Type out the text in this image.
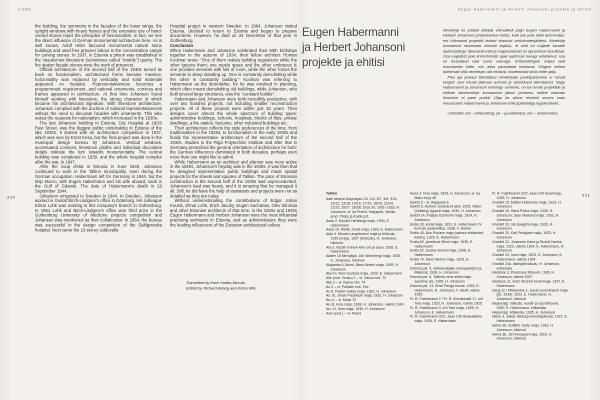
LISAD

the building, the symmetry in the facades of the lower wings, the upright windows with heavy frames and the extensive use of hand-carved stones reject the principles of functionalism. In fact, we see the direct influence of German monumental architecture here. As is well known, Adolf Hitler favoured monumental natural stone buildings and used free prisoner labour in the concentration camps for carving stones. In 1937, in Estonia a prison was established in the Vasalemma limestone (sometimes called "marble") quarry. The fire station facade stones were the work of prisoners.

Official architecture of the second half of the 1930s turned its back on functionalism, architectural forms became massive, horizontality was replaced by verticality and solid materials appeared on facades. Representativeness becomes a programmatic requirement, and national ornaments, cornices and frames appeared in architecture. At that time Johanson found himself working with limestone, the strong character of which became his architectural signature. With limestone architecture, Johanson complied with the doctrine of national representativeness without the need to decorate facades with ornaments. This also suited the requests for nationalism, which increased in the 1930s.

The last Johanson building in Estonia, City Hospital at 18/20 Ravi Street, was the biggest public undertaking in Estonia of the late 1930s. It started with an architecture competition in 1937, which was won by Ernst Kesa, but the final project was done in the municipal design bureau by Johanson. Vertical windows, accentuated cornices, limestone plinths and individual decorative details indicate the turn towards monumentality. The central building was completed in 1939, and the whole hospital complex after the war, in 1947.

After the coup d'etat in Estonia in June 1940, Johanson continued to work in the Tallinn municipality, even during the German occupation. Habermann left for Germany in 1944, but the ship Moero, with Eugen Habermann and his wife aboard, sank in the Gulf of Gdansk. The date of Habermann's death is 22 September 1944.

Johanson emigrated to Sweden in 1944. In Sweden, Johanson worked in Gustaf Birch-Lindgren's office in Göteborg. His colleague Elmar Lohk was working in this company's branch in Gothenburg. In 1951 Lohk and Birch-Lindgren's office won third prize in the Gothenburg University of Medicine projects competition and Johanson was mentioned as their collaborator. In 1954, the bureau was successful in the design competition of the Sahlgrenska hospital. Next came the 15-storey Uddevalla

Hospital project in western Sweden. In 1964, Johanson visited Estonia, decided to return to Estonia and began to prepare documents. However, he died on 24 November of that year in Gothenburg.

Conclusion

When Habermann and Johanson celebrated their 50th birthdays together in the autumn of 1934, their fellow architect Roman Koolmar wrote: "One of them makes building regulations while the other ignores them; one repels space and the other embraces it; one provides servants with lots of room, while the other forces the servants to sleep standing up. One is constantly demolishing while the other is constantly building." Koolmar was referring to Habermann as the demolisher, for he was involved in planning, which often meant demolishing old buildings, while Johanson, who built several large structures, was the "constant builder".

Habermann and Johanson were both incredibly productive, with over two hundred projects, not including smaller reconstruction projects. All of these projects were within just 20 years. Their designs cover almost the whole spectrum of building types: administrative buildings, schools, hospitals, blocks of flats, private dwellings, a fire station, factories, other industrial buildings etc.

Their architecture reflects the style preferences of the time, from traditionalism in the 1920s, to functionalism in the early 1930s and finally the representative architecture of the second half of the 1930s. Studies in the Riga Polytechnic Institute and after that in Germany prescribed the general orientation of architecture for both: the German influences dominated in both decades, perhaps even more than one might like to admit.

While Habermann as an architect and planner was more active in the 1920s, Johanson's heyday was in the 1930s. It was then that he designed representative public buildings and made spatial projects for the streets and squares of Tallinn. The pace of Estonian construction in the second half of the 1930s was unprecedented. Johanson's load was heavy, and it is amazing that he managed it all. Still, he did have the help of assistants and projects were not as detailed as they are today.

Without underestimating the contributions of Edgar Johan Kuusik, Elmar Lohk, Erich Jacoby, Eugen Sacharias, Olev Siinmaa and other Estonian architects of that time, in the 1920s and 1930s Eugen Habermann and Herbert Johanson were the most influential practising architects in Estonia, and as administrators they were the leading influencers of the Estonian architectural culture.

330

Translated by Karin Hallas-Murula

Edited by Richard Adang and Krista Mits

Eugen Habermanni ja Herbert Johansoni projekte ja ehitisi
Eugen Habermanni
ja Herbert Johansoni
projekte ja ehitisi

Nimekirja on püütud lülitada võimalikult palju Eugen Habermanni ja Herbert Johansoni projekteeritud ehitisi, kuid see pole siiski ammendav; ent hõlmavad projektid leidsid kinnitust arhiivimaterjalidest. Nimekirja koostamist raskendas oluliselt asjaolu, et seal on majade vanade aadressidega: tänavanimesid ja majanumbreid on aja jooksul muudetud. Osa majadest pole krohvitornide ajale aadresse kunagi vahetanud, osa on tuvastatud vaid suure vaevaga. Ehitusühingute majad said eraomanike kätte, mis aitas parandada loetavust. Kõigest sellest tulenevalt võib nimekirjas olla eksitusi, loodetavasti siiski mitte palju.

Pika aja jooksul täiendatud nimekirjade punktipanemine ei tulnud kergelt, sest nõuab jätkuvat uurimist ja vahelduvat täiendamist. Nagu Habermanni ja Johansoni loomingu uurimine, on ka nende projektide ja ehitiste täisnimekirja koostamine jätkuv protsess, millele raamatu ilmumine ei pane punkti. Olgu ka siinne nimekiri suures osas innustuseks Habermanni ja Johansoni ehituspärandiga tegelemiseks.

Lühendid: e/ü – ehitusühing; j/e – juurdeehitus; ü/e – ümberehitus

Tallinn

Aate tänava tüüpmajad 1/3, 2/4, 5/7, 4/6, 9/11, 10/12, 13/15, 14/16, 17/19, 18/20, 22/24, 21/23, 25/27, 26/28, 29 ja 30, 1931–1933, H. Johanson, vt. ka Preesi, Harjapea, Vaniku (end. Pärja) ja Kolde pst.

Aasa 2, Eduard Hemburgi maja, 1930, E. Habermann

Aasa 10, Madis Joutsi maja, 1929, E. Habermann

Ahju 4, Nikolai Langebrauni maja ja töökoda, 1925 (maja), 1927 (töökoda), H. Johanson, hävinud

Aia 3, Vassili Voinovi kino o/ü ja saun, 1926, E. Habermann

Aiatee 16 Meriväljal, Jüri Silberbergi maja, 1930, H. Johanson, hävinud

Alajaama 6 Järvel, Mare Aimeni maja, 1929, H. Johanson

Alevi 9, Rein Uustove maja, 1929, E. Habermann

Alle (end. Vooku) 1 – vt. Narva mnt. 72

Alle 3 – vt. Narva mnt. 74

Ao 2 – vt. Paldiski mnt. 19a

Ao 5, Peeter Saksa maja, 1932, H. Johanson

Ao 10, Johan Freybachi maja, 1932, H. Johanson

Aru 4 – vt. Maisi 13

Aru 8, Inna maja, 1938, H. Johanson, valmis 1940

Aru 11, Inna maja, 1939, H. Johanson

Auni (end.) – vt. Mooni

Auna 3, Inna maja, 1929, H. Johanson, vt. ka Maisi 4a ja 4b

Elektri 2 – vt. Alajaama 6

Elektri 6, Herbert Johansoni alev, 1925; Villem (Vulberg) Ugandi maja, 1930, H. Johanson

Elektri 14, Kristjan Eichhorni maja, 1924, H. Johanson

Endla 33, kortermaja, 1931, E. Habermann; IV korruse pealeehitus, 1938, V. Herkel

Endla 45, Ado Purtase maja (varises ehitamisel kokku), 1929, E. Habermann

Endla 60, perekond Minni maja, 1936, E. Habermann

Endla 62, Gustav Estoni maja, 1936, E. Habermann

Endla 70, Hans Menno maja, 1925, H. Johanson

Estonia pst. 4, näituseväljaku metsapaviljon ja lillekiosk, 1936, H. Johanson

Estonia pst. 6, Tallinna vene seltsi maja asemine ü/e, 1925, H. Johanson

Estonia pst. 13, Eesti Panga hoone, 1933, E. Habermann, H. Johanson, F. Adoff, valmis 1935

Fr. R. Faehlmanni 2 / Fr. R. Kreutzwaldi 17, e/ü Tare maja, 1923, H. Johanson, valmis 1925

Fr. R. Faehlmanni 4, e/ü Tare maja, 1926, H. Johanson, E. Habermann

Fr. R. Faehlmanni 32/1, Jaan Orti tänavaäärne maja, 1926, E. Habermann

Fr. R. Faehlmanni 32/2, Jaan Orti hoovimaja, 1925, H. Johanson

Graniidi 15, Mihkel Hobenoku maja, 1923, H. Johanson

Graniidi 16, Hans Põdra maja, 1925, H. Johanson; Jaan Marlensi maja, 1932, H. Johanson

Graniidi 19, Ida Saagimi maja, 1926, H. Johanson

Graniidi 20, Karl Pedajase maja, 1933, H. Johanson

Graniidi 22, Johannes Kana ja Rudolf Havika maja, 1923, valmis 1924, E. Habermann, H. Johanson

Graniidi 24, Inna maja, 1923, H. Johanson, E. Habermann, valmis 1924

Graniidi 24a, lastepäevakodu, H. Johanson, ehitamata

Hariduse 3, Prantsuse lütseum, 1936, H. Johanson, valmis 1937

Hariduse 11, Artur Strohmi kortermaja, 1937, E. Habermann

Hargi 11 / Mõisavahe 1, David Leremmanni maja (j/e, 1920), 1922, E. Habermann, H. Johanson, hävinud

Harjumägi: näituste, kunsti- ja spordihoone, 1930, E. Habermann, ehitamata

Harjumägi: kõlakoda, 1935, H. Johanson

Heina 3, Jakob Valdsepi kunstsepikoda, 1921, E. Habermann

Heina 36, Gottlieb Jovite maja, 1932, H. Johanson, hävinud

Heina 38, Jüri Kanapea maja, 1923, H. Johanson, hävinud

331
